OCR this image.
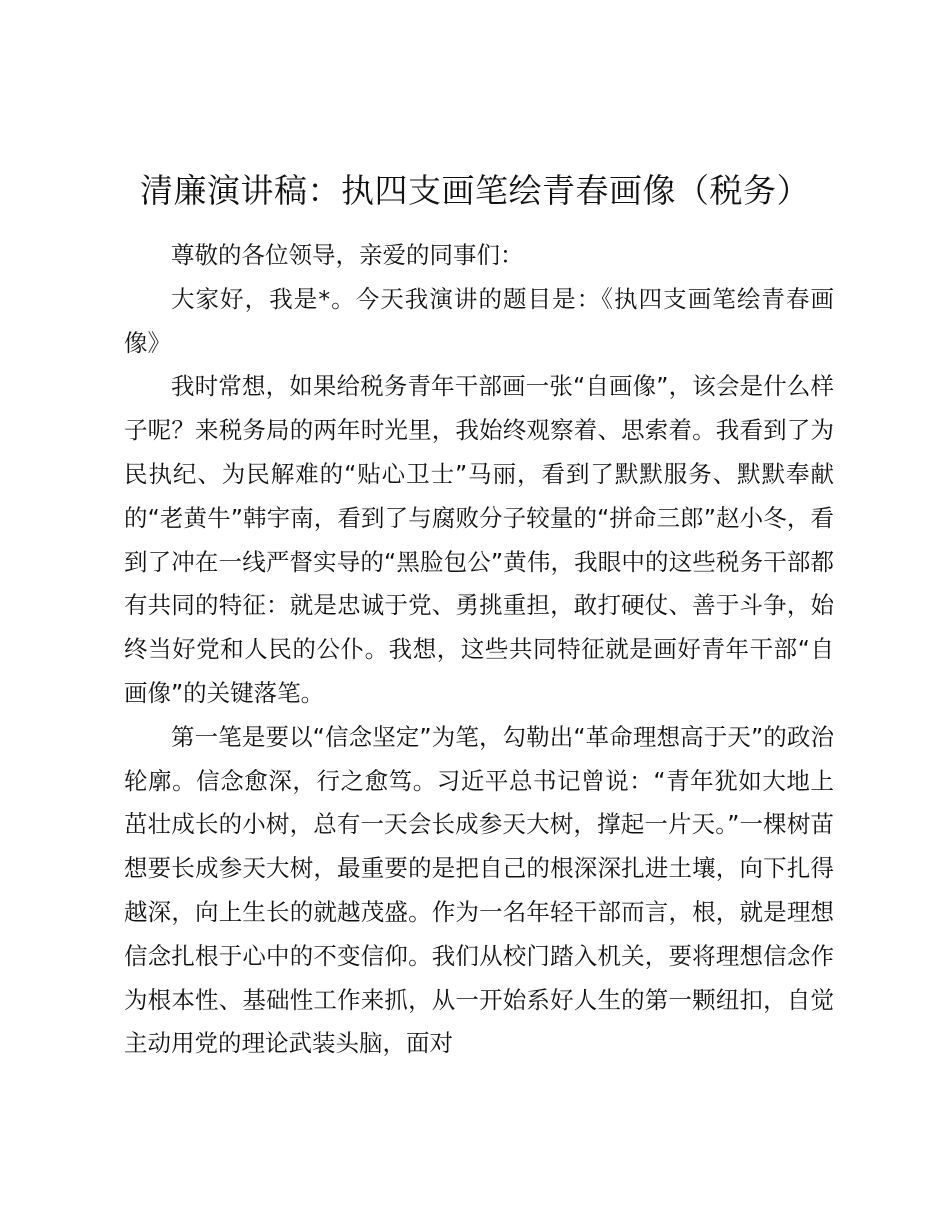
清廉演讲稿：执四支画笔绘青春画像（税务）

尊敬的各位领导，亲爱的同事们：

大家好，我是*。今天我演讲的题目是：《执四支画笔绘青春画像》

我时常想，如果给税务青年干部画一张“自画像”，该会是什么样子呢？来税务局的两年时光里，我始终观察着、思索着。我看到了为民执纪、为民解难的“贴心卫士”马丽，看到了默默服务、默默奉献的“老黄牛”韩宇南，看到了与腐败分子较量的“拼命三郎”赵小冬，看到了冲在一线严督实导的“黑脸包公”黄伟，我眼中的这些税务干部都有共同的特征：就是忠诚于党、勇挑重担，敢打硬仗、善于斗争，始终当好党和人民的公仆。我想，这些共同特征就是画好青年干部“自画像”的关键落笔。

第一笔是要以“信念坚定”为笔，勾勒出“革命理想高于天”的政治轮廓。信念愈深，行之愈笃。习近平总书记曾说：“青年犹如大地上茁壮成长的小树，总有一天会长成参天大树，撑起一片天。”一棵树苗想要长成参天大树，最重要的是把自己的根深深扎进土壤，向下扎得越深，向上生长的就越茂盛。作为一名年轻干部而言，根，就是理想信念扎根于心中的不变信仰。我们从校门踏入机关，要将理想信念作为根本性、基础性工作来抓，从一开始系好人生的第一颗纽扣，自觉主动用党的理论武装头脑，面对
